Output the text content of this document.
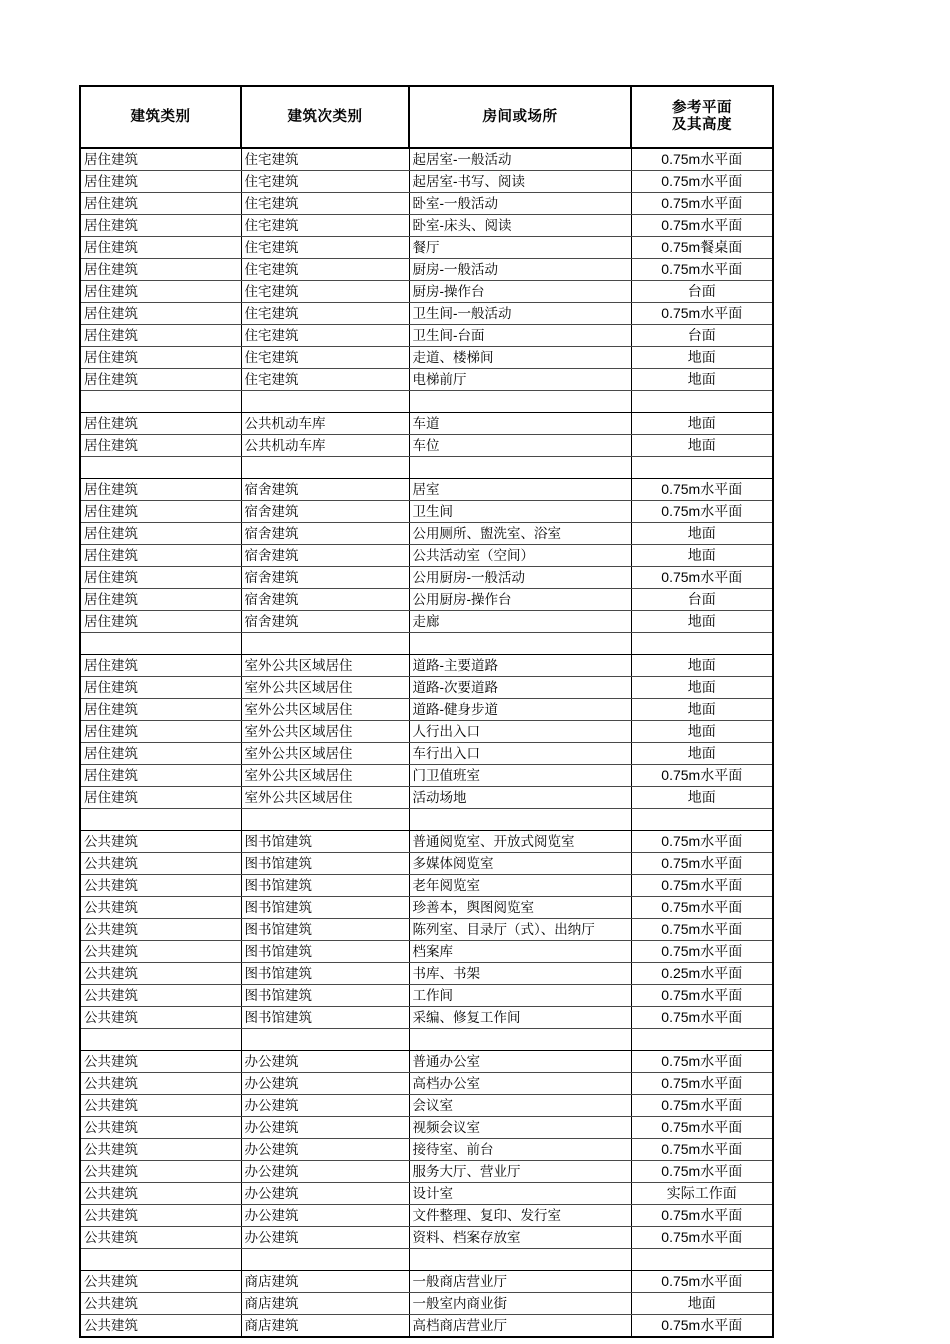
建筑类别	建筑次类别	房间或场所	参考平面
及其高度
居住建筑	住宅建筑	起居室-一般活动	0.75m水平面
居住建筑	住宅建筑	起居室-书写、阅读	0.75m水平面
居住建筑	住宅建筑	卧室-一般活动	0.75m水平面
居住建筑	住宅建筑	卧室-床头、阅读	0.75m水平面
居住建筑	住宅建筑	餐厅	0.75m餐桌面
居住建筑	住宅建筑	厨房-一般活动	0.75m水平面
居住建筑	住宅建筑	厨房-操作台	台面
居住建筑	住宅建筑	卫生间-一般活动	0.75m水平面
居住建筑	住宅建筑	卫生间-台面	台面
居住建筑	住宅建筑	走道、楼梯间	地面
居住建筑	住宅建筑	电梯前厅	地面

居住建筑	公共机动车库	车道	地面
居住建筑	公共机动车库	车位	地面

居住建筑	宿舍建筑	居室	0.75m水平面
居住建筑	宿舍建筑	卫生间	0.75m水平面
居住建筑	宿舍建筑	公用厕所、盥洗室、浴室	地面
居住建筑	宿舍建筑	公共活动室（空间）	地面
居住建筑	宿舍建筑	公用厨房-一般活动	0.75m水平面
居住建筑	宿舍建筑	公用厨房-操作台	台面
居住建筑	宿舍建筑	走廊	地面

居住建筑	室外公共区域居住	道路-主要道路	地面
居住建筑	室外公共区域居住	道路-次要道路	地面
居住建筑	室外公共区域居住	道路-健身步道	地面
居住建筑	室外公共区域居住	人行出入口	地面
居住建筑	室外公共区域居住	车行出入口	地面
居住建筑	室外公共区域居住	门卫值班室	0.75m水平面
居住建筑	室外公共区域居住	活动场地	地面

公共建筑	图书馆建筑	普通阅览室、开放式阅览室	0.75m水平面
公共建筑	图书馆建筑	多媒体阅览室	0.75m水平面
公共建筑	图书馆建筑	老年阅览室	0.75m水平面
公共建筑	图书馆建筑	珍善本，舆图阅览室	0.75m水平面
公共建筑	图书馆建筑	陈列室、目录厅（式）、出纳厅	0.75m水平面
公共建筑	图书馆建筑	档案库	0.75m水平面
公共建筑	图书馆建筑	书库、书架	0.25m水平面
公共建筑	图书馆建筑	工作间	0.75m水平面
公共建筑	图书馆建筑	采编、修复工作间	0.75m水平面

公共建筑	办公建筑	普通办公室	0.75m水平面
公共建筑	办公建筑	高档办公室	0.75m水平面
公共建筑	办公建筑	会议室	0.75m水平面
公共建筑	办公建筑	视频会议室	0.75m水平面
公共建筑	办公建筑	接待室、前台	0.75m水平面
公共建筑	办公建筑	服务大厅、营业厅	0.75m水平面
公共建筑	办公建筑	设计室	实际工作面
公共建筑	办公建筑	文件整理、复印、发行室	0.75m水平面
公共建筑	办公建筑	资料、档案存放室	0.75m水平面

公共建筑	商店建筑	一般商店营业厅	0.75m水平面
公共建筑	商店建筑	一般室内商业街	地面
公共建筑	商店建筑	高档商店营业厅	0.75m水平面
